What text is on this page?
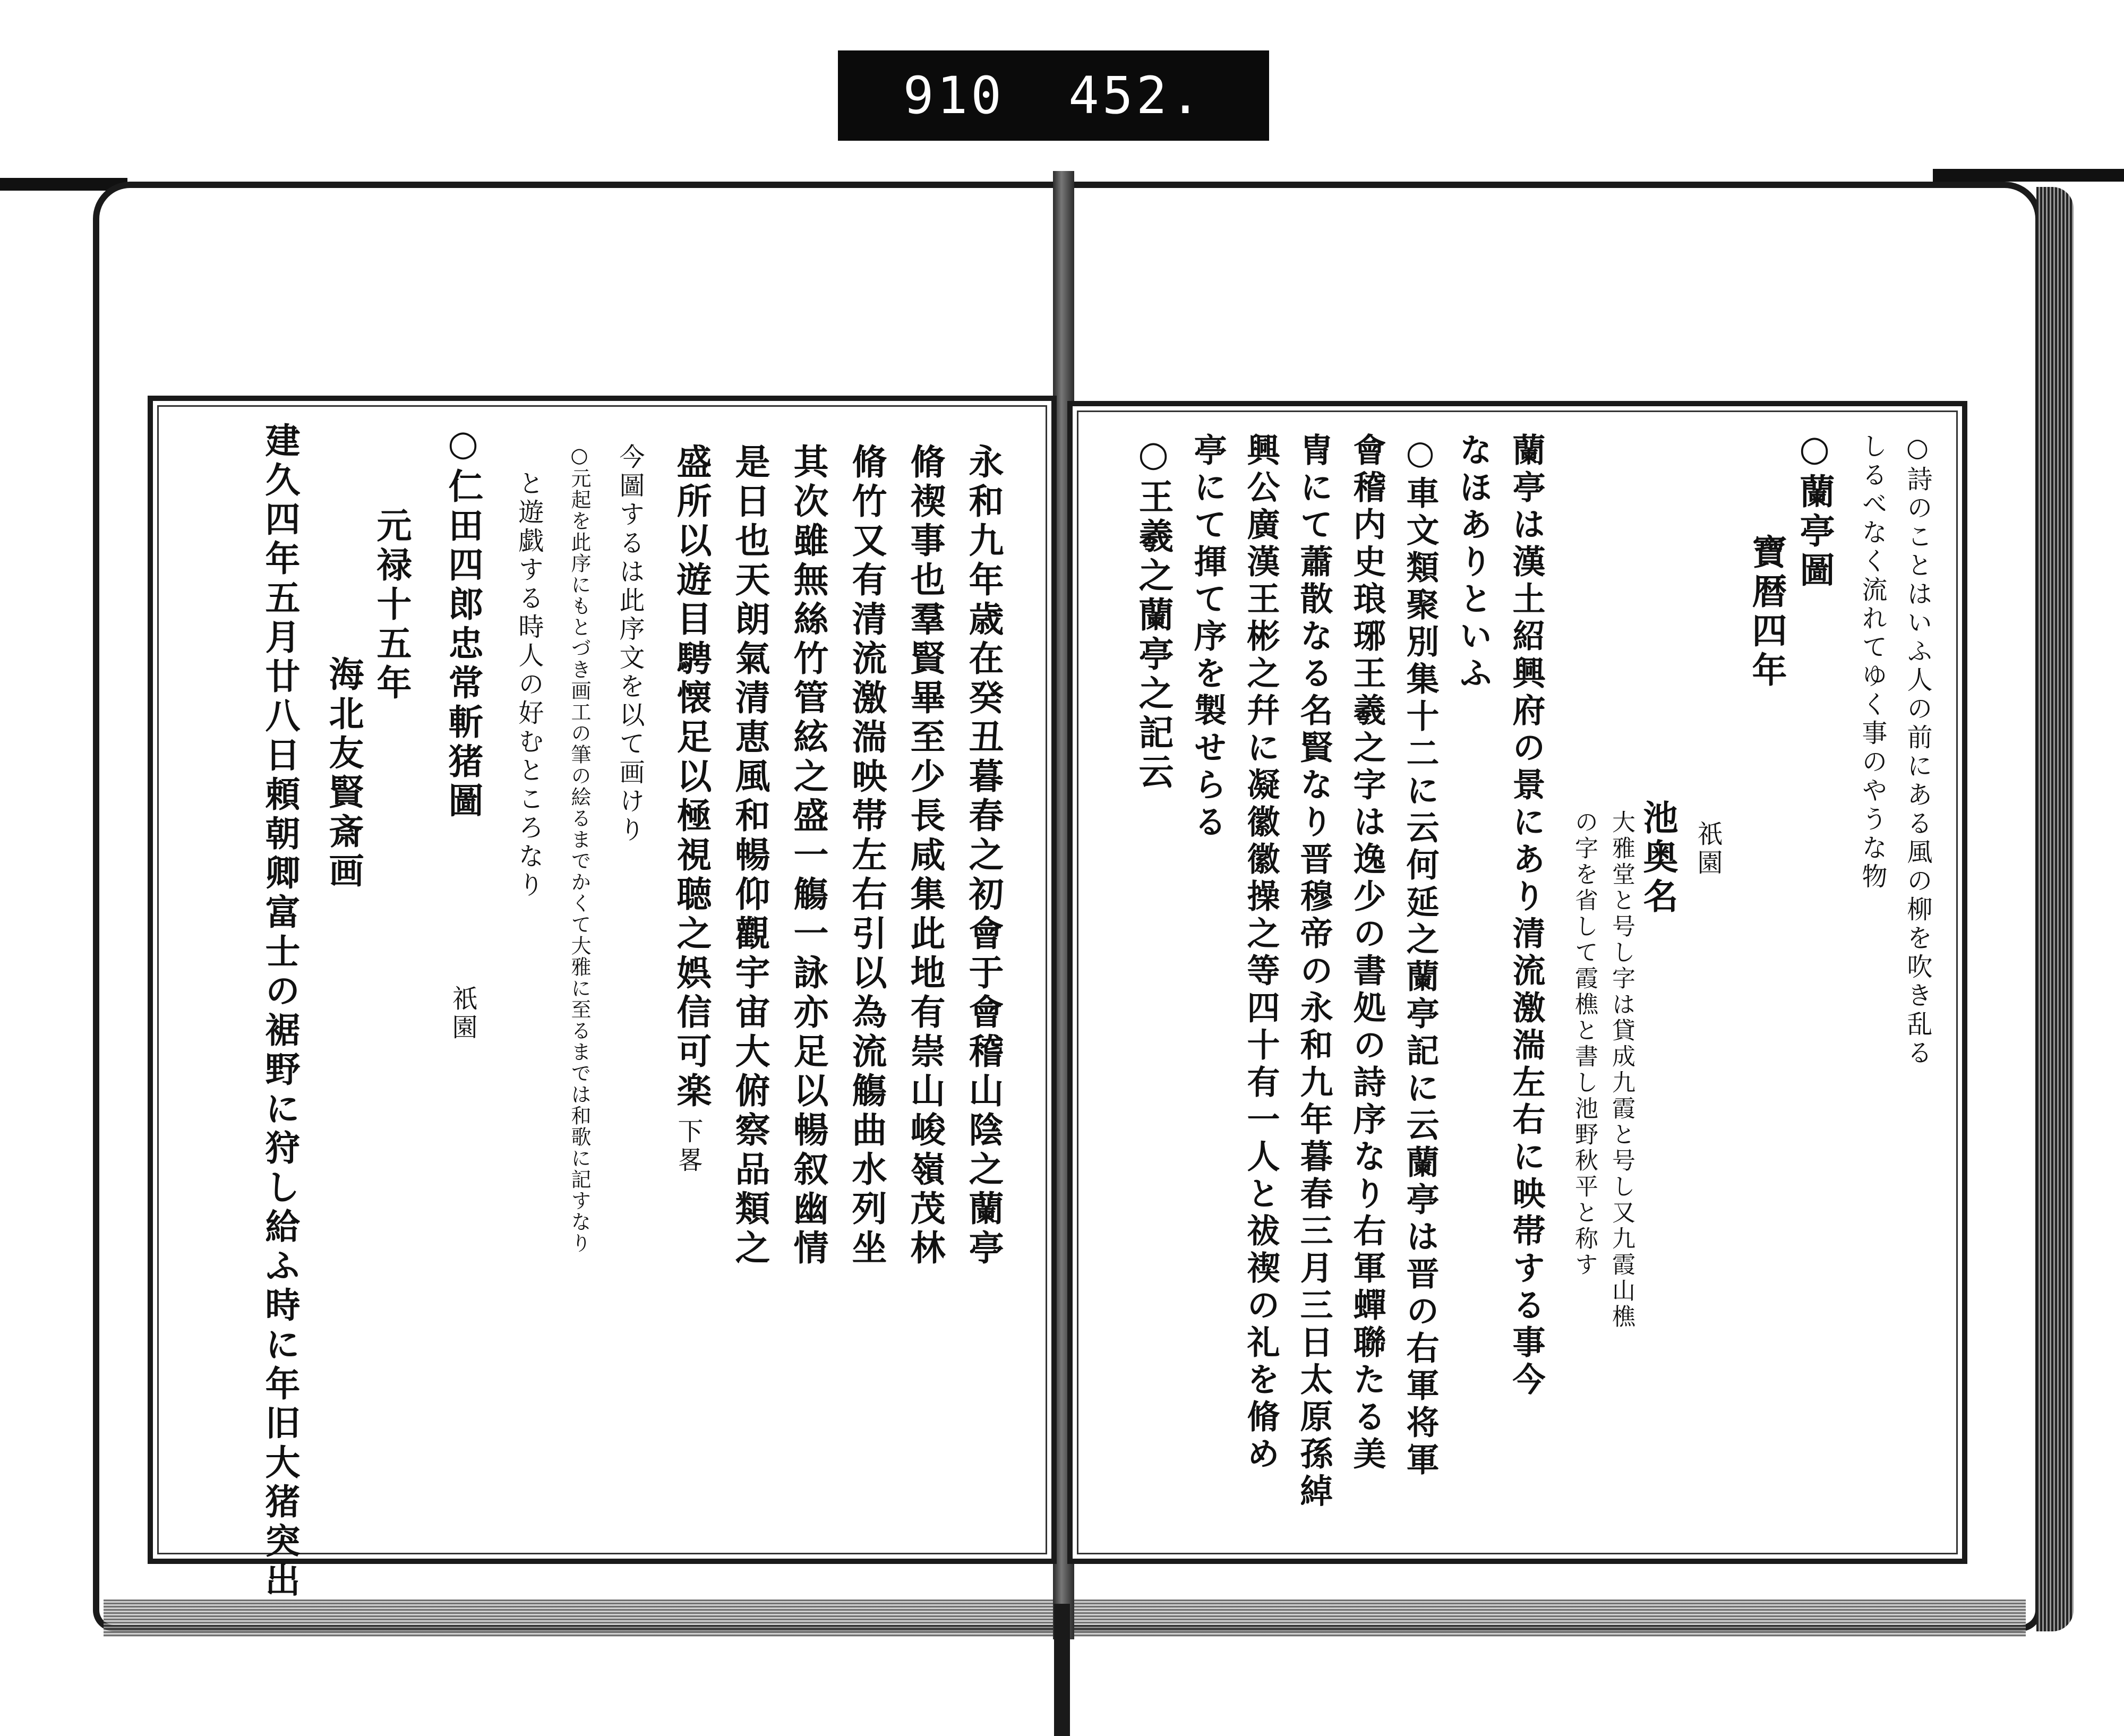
910 452.
永和九年歳在癸丑暮春之初會于會稽山陰之蘭亭
脩禊事也羣賢畢至少長咸集此地有崇山峻嶺茂林
脩竹又有清流激湍映帯左右引以為流觴曲水列坐
其次雖無絲竹管絃之盛一觴一詠亦足以暢叙幽情
是日也天朗氣清恵風和暢仰觀宇宙大俯察品類之
盛所以遊目騁懐足以極視聴之娯信可楽
下畧
今圖するは此序文を以て画けり
○元起を此序にもとづき画工の筆の絵るまでかくて大雅に至るまでは和歌に記すなり
と遊戯する時人の好むところなり
○仁田四郎忠常斬猪圖
祇園
元禄十五年
海北友賢斎画
建久四年五月廿八日頼朝卿富士の裾野に狩し給ふ時に年旧大猪突出	○詩のことはいふ人の前にある風の柳を吹き乱る
しるべなく流れてゆく事のやうな物
○蘭亭圖
寶暦四年
祇園
池奥名
大雅堂と号し字は貸成九霞と号し又九霞山樵
の字を省して霞樵と書し池野秋平と称す
蘭亭は漢土紹興府の景にあり清流激湍左右に映帯する事今
なほありといふ
○車文類聚別集十二に云何延之蘭亭記に云蘭亭は晋の右軍将軍
會稽内史琅琊王羲之字は逸少の書処の詩序なり右軍蟬聯たる美
冑にて蕭散なる名賢なり晋穆帝の永和九年暮春三月三日太原孫綽
興公廣漢王彬之幷に凝徽徽操之等四十有一人と祓禊の礼を脩め
亭にて揮て序を製せらる
○王羲之蘭亭之記云
